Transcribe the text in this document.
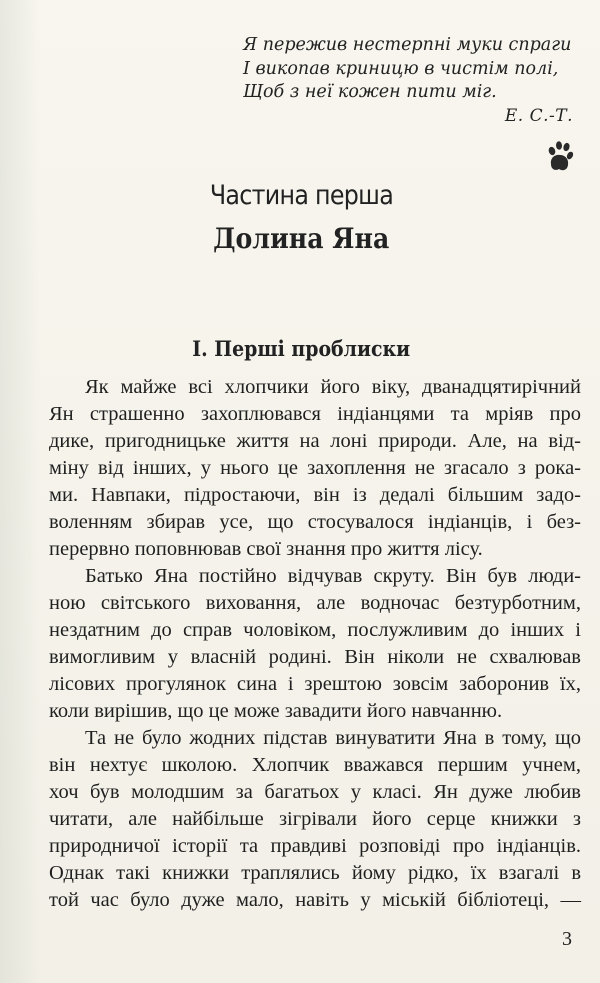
Я пережив нестерпні муки спраги
І викопав криницю в чистім полі,
Щоб з неї кожен пити міг.
Е. С.-Т.
Частина перша
Долина Яна
I. Перші проблиски
Як майже всі хлопчики його віку, дванадцятирічний
Ян страшенно захоплювався індіанцями та мріяв про
дике, пригодницьке життя на лоні природи. Але, на від-
міну від інших, у нього це захоплення не згасало з рока-
ми. Навпаки, підростаючи, він із дедалі більшим задо-
воленням збирав усе, що стосувалося індіанців, і без-
перервно поповнював свої знання про життя лісу.
Батько Яна постійно відчував скруту. Він був люди-
ною світського виховання, але водночас безтурботним,
нездатним до справ чоловіком, послужливим до інших і
вимогливим у власній родині. Він ніколи не схвалював
лісових прогулянок сина і зрештою зовсім заборонив їх,
коли вирішив, що це може завадити його навчанню.
Та не було жодних підстав винуватити Яна в тому, що
він нехтує школою. Хлопчик вважався першим учнем,
хоч був молодшим за багатьох у класі. Ян дуже любив
читати, але найбільше зігрівали його серце книжки з
природничої історії та правдиві розповіді про індіанців.
Однак такі книжки траплялись йому рідко, їх взагалі в
той час було дуже мало, навіть у міській бібліотеці, —
3
